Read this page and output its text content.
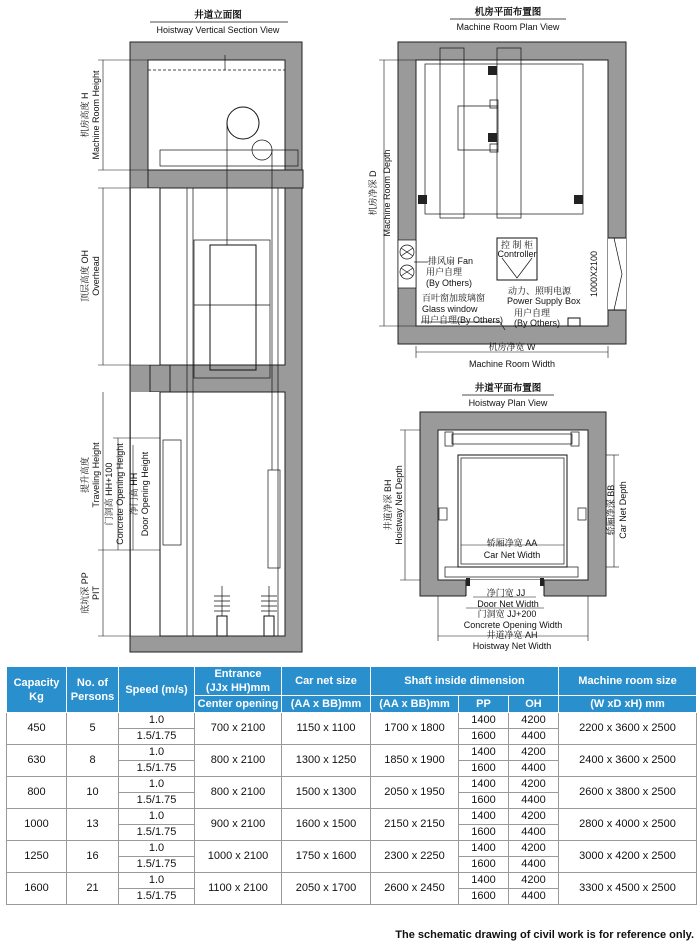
井道立面图
Hoistway Vertical Section View
机房高度 H Machine Room Height
顶层高度 OH Overhead
提升高度 Traveling Height 门洞高 HH+100 Concrete Opening Height 净门高 HH Door Opening Height
底坑深 PP PIT
机房平面布置图
Machine Room Plan View
排风扇 Fan
用户自理
(By Others)
百叶窗加玻璃窗
Glass window
用户自理(By Others)
控 制 柜
Controller
动力、照明电源
Power Supply Box
用户自理
(By Others)
1000X2100
机房净深 D Machine Room Depth
机房净宽 W
Machine Room Width
井道平面布置图
Hoistway Plan View
轿厢净宽 AA
Car Net Width
净门宽 JJ
Door Net Width
门洞宽 JJ+200
Concrete Opening Width
井道净宽 AH
Hoistway Net Width
井道净深 BH Hoistway Net Depth	轿厢净深 BB Car Net Depth
Capacity
Kg	No. of
Persons	Speed (m/s)	Entrance
(JJx HH)mm	Car net size	Shaft inside dimension			Machine room size
			Center opening	(AA x BB)mm	(AA x BB)mm	PP	OH	(W xD xH) mm
450	5	1.0	700 x 2100	1150 x 1100	1700 x 1800	1400	4200	2200 x 3600 x 2500
		1.5/1.75				1600	4400	
630	8	1.0	800 x 2100	1300 x 1250	1850 x 1900	1400	4200	2400 x 3600 x 2500
		1.5/1.75				1600	4400	
800	10	1.0	800 x 2100	1500 x 1300	2050 x 1950	1400	4200	2600 x 3800 x 2500
		1.5/1.75				1600	4400	
1000	13	1.0	900 x 2100	1600 x 1500	2150 x 2150	1400	4200	2800 x 4000 x 2500
		1.5/1.75				1600	4400	
1250	16	1.0	1000 x 2100	1750 x 1600	2300 x 2250	1400	4200	3000 x 4200 x 2500
		1.5/1.75				1600	4400	
1600	21	1.0	1100 x 2100	2050 x 1700	2600 x 2450	1400	4200	3300 x 4500 x 2500
		1.5/1.75				1600	4400	
The schematic drawing of civil work is for reference only.
